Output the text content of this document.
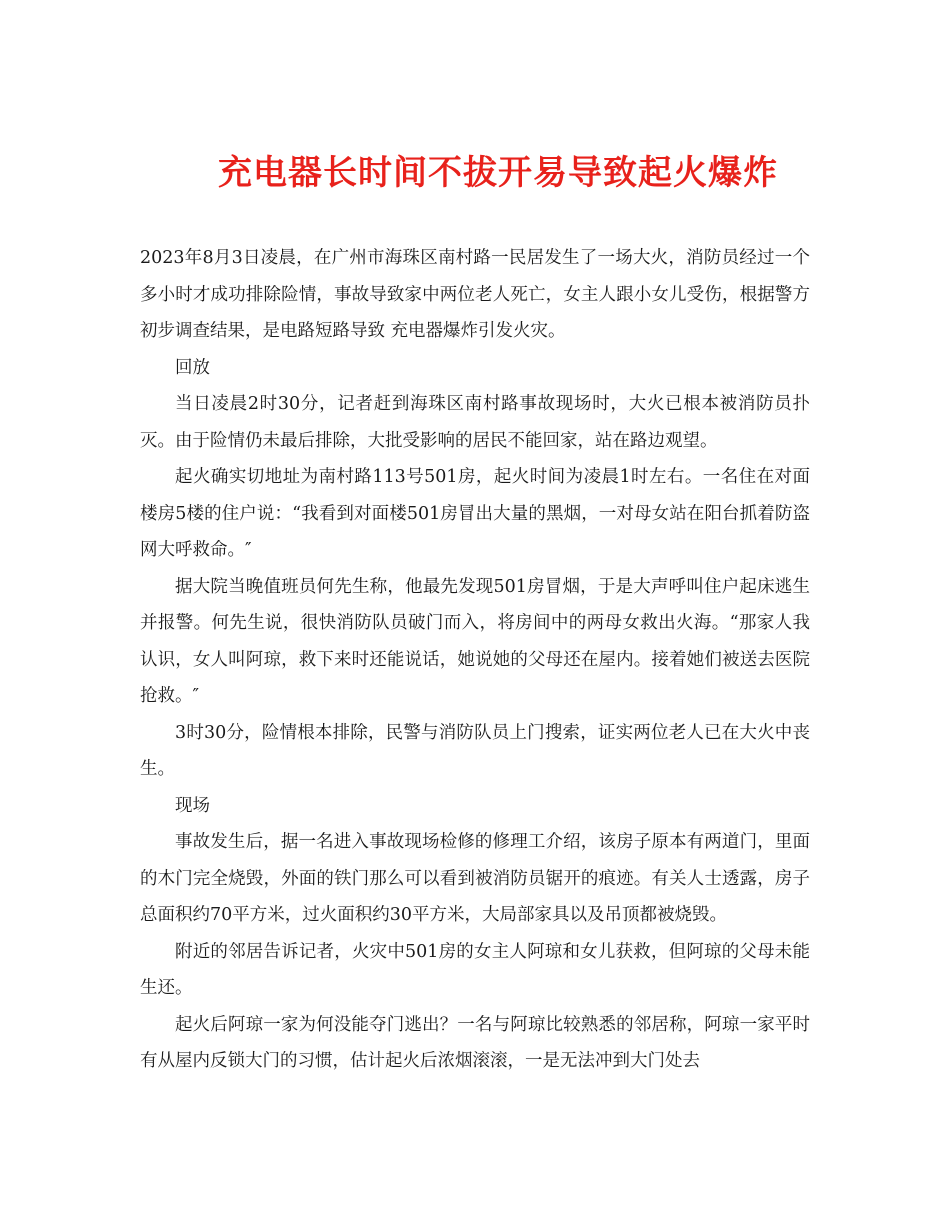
充电器长时间不拔开易导致起火爆炸

2023年8月3日凌晨，在广州市海珠区南村路一民居发生了一场大火，消防员经过一个多小时才成功排除险情，事故导致家中两位老人死亡，女主人跟小女儿受伤，根据警方初步调查结果，是电路短路导致 充电器爆炸引发火灾。

回放

当日凌晨2时30分，记者赶到海珠区南村路事故现场时，大火已根本被消防员扑灭。由于险情仍未最后排除，大批受影响的居民不能回家，站在路边观望。

起火确实切地址为南村路113号501房，起火时间为凌晨1时左右。一名住在对面楼房5楼的住户说：“我看到对面楼501房冒出大量的黑烟，一对母女站在阳台抓着防盗网大呼救命。″

据大院当晚值班员何先生称，他最先发现501房冒烟，于是大声呼叫住户起床逃生并报警。何先生说，很快消防队员破门而入，将房间中的两母女救出火海。“那家人我认识，女人叫阿琼，救下来时还能说话，她说她的父母还在屋内。接着她们被送去医院抢救。″

3时30分，险情根本排除，民警与消防队员上门搜索，证实两位老人已在大火中丧生。

现场

事故发生后，据一名进入事故现场检修的修理工介绍，该房子原本有两道门，里面的木门完全烧毁，外面的铁门那么可以看到被消防员锯开的痕迹。有关人士透露，房子总面积约70平方米，过火面积约30平方米，大局部家具以及吊顶都被烧毁。

附近的邻居告诉记者，火灾中501房的女主人阿琼和女儿获救，但阿琼的父母未能生还。

起火后阿琼一家为何没能夺门逃出？一名与阿琼比较熟悉的邻居称，阿琼一家平时有从屋内反锁大门的习惯，估计起火后浓烟滚滚，一是无法冲到大门处去
